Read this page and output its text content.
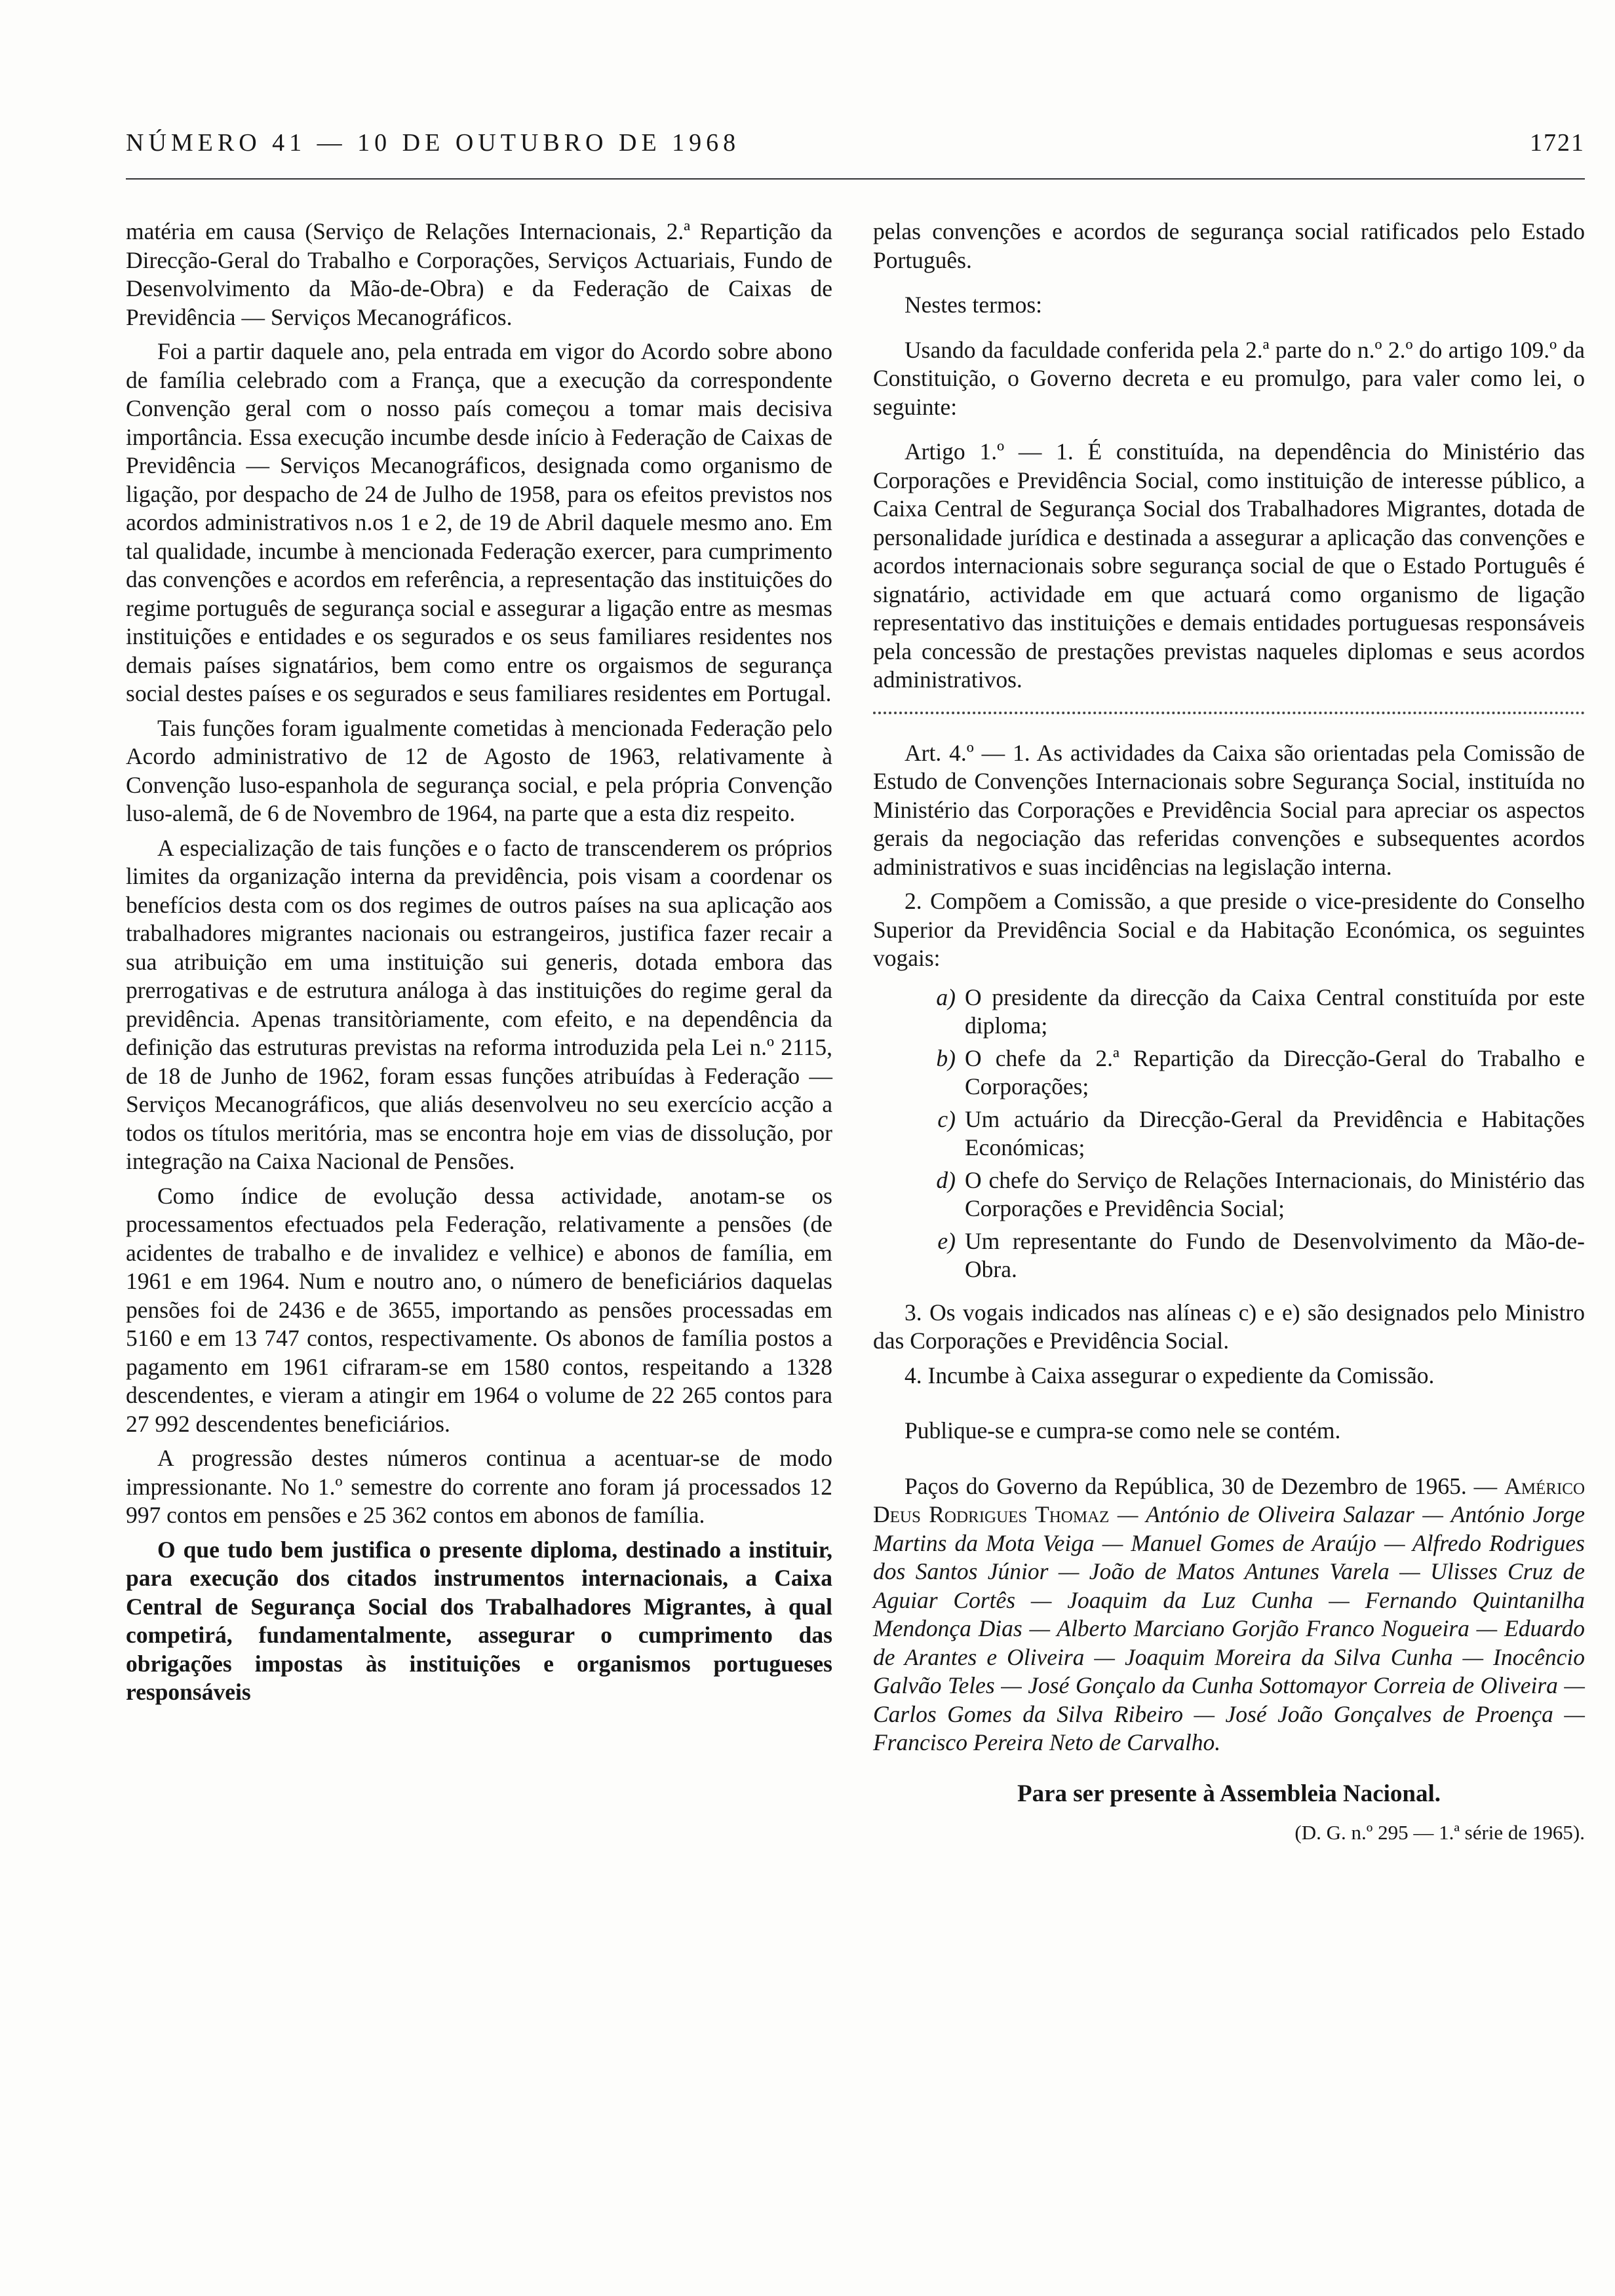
NÚMERO 41 — 10 DE OUTUBRO DE 1968	1721

matéria em causa (Serviço de Relações Internacionais, 2.ª Repartição da Direcção-Geral do Trabalho e Corporações, Serviços Actuariais, Fundo de Desenvolvimento da Mão-de-Obra) e da Federação de Caixas de Previdência — Serviços Mecanográficos.

Foi a partir daquele ano, pela entrada em vigor do Acordo sobre abono de família celebrado com a França, que a execução da correspondente Convenção geral com o nosso país começou a tomar mais decisiva importância. Essa execução incumbe desde início à Federação de Caixas de Previdência — Serviços Mecanográficos, designada como organismo de ligação, por despacho de 24 de Julho de 1958, para os efeitos previstos nos acordos administrativos n.os 1 e 2, de 19 de Abril daquele mesmo ano. Em tal qualidade, incumbe à mencionada Federação exercer, para cumprimento das convenções e acordos em referência, a representação das instituições do regime português de segurança social e assegurar a ligação entre as mesmas instituições e entidades e os segurados e os seus familiares residentes nos demais países signatários, bem como entre os orgaismos de segurança social destes países e os segurados e seus familiares residentes em Portugal.

Tais funções foram igualmente cometidas à mencionada Federação pelo Acordo administrativo de 12 de Agosto de 1963, relativamente à Convenção luso-espanhola de segurança social, e pela própria Convenção luso-alemã, de 6 de Novembro de 1964, na parte que a esta diz respeito.

A especialização de tais funções e o facto de transcenderem os próprios limites da organização interna da previdência, pois visam a coordenar os benefícios desta com os dos regimes de outros países na sua aplicação aos trabalhadores migrantes nacionais ou estrangeiros, justifica fazer recair a sua atribuição em uma instituição sui generis, dotada embora das prerrogativas e de estrutura análoga à das instituições do regime geral da previdência. Apenas transitòriamente, com efeito, e na dependência da definição das estruturas previstas na reforma introduzida pela Lei n.º 2115, de 18 de Junho de 1962, foram essas funções atribuídas à Federação — Serviços Mecanográficos, que aliás desenvolveu no seu exercício acção a todos os títulos meritória, mas se encontra hoje em vias de dissolução, por integração na Caixa Nacional de Pensões.

Como índice de evolução dessa actividade, anotam-se os processamentos efectuados pela Federação, relativamente a pensões (de acidentes de trabalho e de invalidez e velhice) e abonos de família, em 1961 e em 1964. Num e noutro ano, o número de beneficiários daquelas pensões foi de 2436 e de 3655, importando as pensões processadas em 5160 e em 13 747 contos, respectivamente. Os abonos de família postos a pagamento em 1961 cifraram-se em 1580 contos, respeitando a 1328 descendentes, e vieram a atingir em 1964 o volume de 22 265 contos para 27 992 descendentes beneficiários.

A progressão destes números continua a acentuar-se de modo impressionante. No 1.º semestre do corrente ano foram já processados 12 997 contos em pensões e 25 362 contos em abonos de família.

O que tudo bem justifica o presente diploma, destinado a instituir, para execução dos citados instrumentos internacionais, a Caixa Central de Segurança Social dos Trabalhadores Migrantes, à qual competirá, fundamentalmente, assegurar o cumprimento das obrigações impostas às instituições e organismos portugueses responsáveis

pelas convenções e acordos de segurança social ratificados pelo Estado Português.

Nestes termos:

Usando da faculdade conferida pela 2.ª parte do n.º 2.º do artigo 109.º da Constituição, o Governo decreta e eu promulgo, para valer como lei, o seguinte:

Artigo 1.º — 1. É constituída, na dependência do Ministério das Corporações e Previdência Social, como instituição de interesse público, a Caixa Central de Segurança Social dos Trabalhadores Migrantes, dotada de personalidade jurídica e destinada a assegurar a aplicação das convenções e acordos internacionais sobre segurança social de que o Estado Português é signatário, actividade em que actuará como organismo de ligação representativo das instituições e demais entidades portuguesas responsáveis pela concessão de prestações previstas naqueles diplomas e seus acordos administrativos.

Art. 4.º — 1. As actividades da Caixa são orientadas pela Comissão de Estudo de Convenções Internacionais sobre Segurança Social, instituída no Ministério das Corporações e Previdência Social para apreciar os aspectos gerais da negociação das referidas convenções e subsequentes acordos administrativos e suas incidências na legislação interna.

2. Compõem a Comissão, a que preside o vice-presidente do Conselho Superior da Previdência Social e da Habitação Económica, os seguintes vogais:

a) O presidente da direcção da Caixa Central constituída por este diploma;
b) O chefe da 2.ª Repartição da Direcção-Geral do Trabalho e Corporações;
c) Um actuário da Direcção-Geral da Previdência e Habitações Económicas;
d) O chefe do Serviço de Relações Internacionais, do Ministério das Corporações e Previdência Social;
e) Um representante do Fundo de Desenvolvimento da Mão-de-Obra.

3. Os vogais indicados nas alíneas c) e e) são designados pelo Ministro das Corporações e Previdência Social.

4. Incumbe à Caixa assegurar o expediente da Comissão.

Publique-se e cumpra-se como nele se contém.

Paços do Governo da República, 30 de Dezembro de 1965. — Américo Deus Rodrigues Thomaz — António de Oliveira Salazar — António Jorge Martins da Mota Veiga — Manuel Gomes de Araújo — Alfredo Rodrigues dos Santos Júnior — João de Matos Antunes Varela — Ulisses Cruz de Aguiar Cortês — Joaquim da Luz Cunha — Fernando Quintanilha Mendonça Dias — Alberto Marciano Gorjão Franco Nogueira — Eduardo de Arantes e Oliveira — Joaquim Moreira da Silva Cunha — Inocêncio Galvão Teles — José Gonçalo da Cunha Sottomayor Correia de Oliveira — Carlos Gomes da Silva Ribeiro — José João Gonçalves de Proença — Francisco Pereira Neto de Carvalho.

Para ser presente à Assembleia Nacional.

(D. G. n.º 295 — 1.ª série de 1965).
